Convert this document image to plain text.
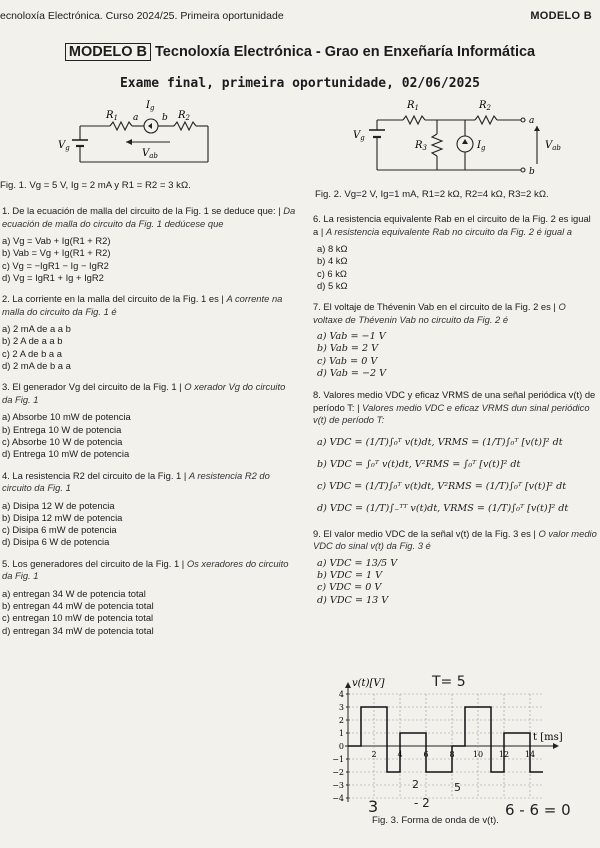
ecnoloxía Electrónica. Curso 2024/25. Primeira oportunidade	MODELO B
MODELO B Tecnoloxía Electrónica - Grao en Enxeñaría Informática
Exame final, primeira oportunidade, 02/06/2025
$R_1$	$R_2$
$I_g$
a	b
$V_g$	$V_{ab}$
Fig. 1. Vg = 5 V, Ig = 2 mA y R1 = R2 = 3 kΩ.
$R_1$	$R_2$
$R_3$	$I_g$
a
b
$V_g$
$V_{ab}$
Fig. 2. Vg=2 V, Ig=1 mA, R1=2 kΩ, R2=4 kΩ, R3=2 kΩ.
1. De la ecuación de malla del circuito de la Fig. 1 se deduce que: | Da ecuación de malla do circuito da Fig. 1 dedúcese que
a) Vg = Vab + Ig(R1 + R2)
b) Vab = Vg + Ig(R1 + R2)
c) Vg = −IgR1 − Ig − IgR2
d) Vg = IgR1 + Ig + IgR2
2. La corriente en la malla del circuito de la Fig. 1 es | A corrente na malla do circuito da Fig. 1 é
a) 2 mA de a a b
b) 2 A de a a b
c) 2 A de b a a
d) 2 mA de b a a
3. El generador Vg del circuito de la Fig. 1 | O xerador Vg do circuito da Fig. 1
a) Absorbe 10 mW de potencia
b) Entrega 10 W de potencia
c) Absorbe 10 W de potencia
d) Entrega 10 mW de potencia
4. La resistencia R2 del circuito de la Fig. 1 | A resistencia R2 do circuito da Fig. 1
a) Disipa 12 W de potencia
b) Disipa 12 mW de potencia
c) Disipa 6 mW de potencia
d) Disipa 6 W de potencia
5. Los generadores del circuito de la Fig. 1 | Os xeradores do circuito da Fig. 1
a) entregan 34 W de potencia total
b) entregan 44 mW de potencia total
c) entregan 10 mW de potencia total
d) entregan 34 mW de potencia total
6. La resistencia equivalente Rab en el circuito de la Fig. 2 es igual a | A resistencia equivalente Rab no circuito da Fig. 2 é igual a
a) 8 kΩ
b) 4 kΩ
c) 6 kΩ
d) 5 kΩ
7. El voltaje de Thévenin Vab en el circuito de la Fig. 2 es | O voltaxe de Thévenin Vab no circuito da Fig. 2 é
a) Vab = −1 V
b) Vab = 2 V
c) Vab = 0 V
d) Vab = −2 V
8. Valores medio VDC y eficaz VRMS de una señal periódica v(t) de período T: | Valores medio VDC e eficaz VRMS dun sinal periódico v(t) de período T:
a) VDC = (1/T)∫₀ᵀ v(t)dt, VRMS = (1/T)∫₀ᵀ [v(t)]² dt
b) VDC = ∫₀ᵀ v(t)dt, V²RMS = ∫₀ᵀ [v(t)]² dt
c) VDC = (1/T)∫₀ᵀ v(t)dt, V²RMS = (1/T)∫₀ᵀ [v(t)]² dt
d) VDC = (1/T)∫₋ᵀᵀ v(t)dt, VRMS = (1/T)∫₀ᵀ [v(t)]² dt
9. El valor medio VDC de la señal v(t) de la Fig. 3 es | O valor medio VDC do sinal v(t) da Fig. 3 é
a) VDC = 13/5 V
b) VDC = 1 V
c) VDC = 0 V
d) VDC = 13 V
4
3
2
1
0
−1
−2
−3
−4
2	4	6	8 10 12 14
v(t)[V]
t [ms]
Fig. 3. Forma de onda de v(t).
T= 5
3	- 2
2	5
6 - 6 = 0
